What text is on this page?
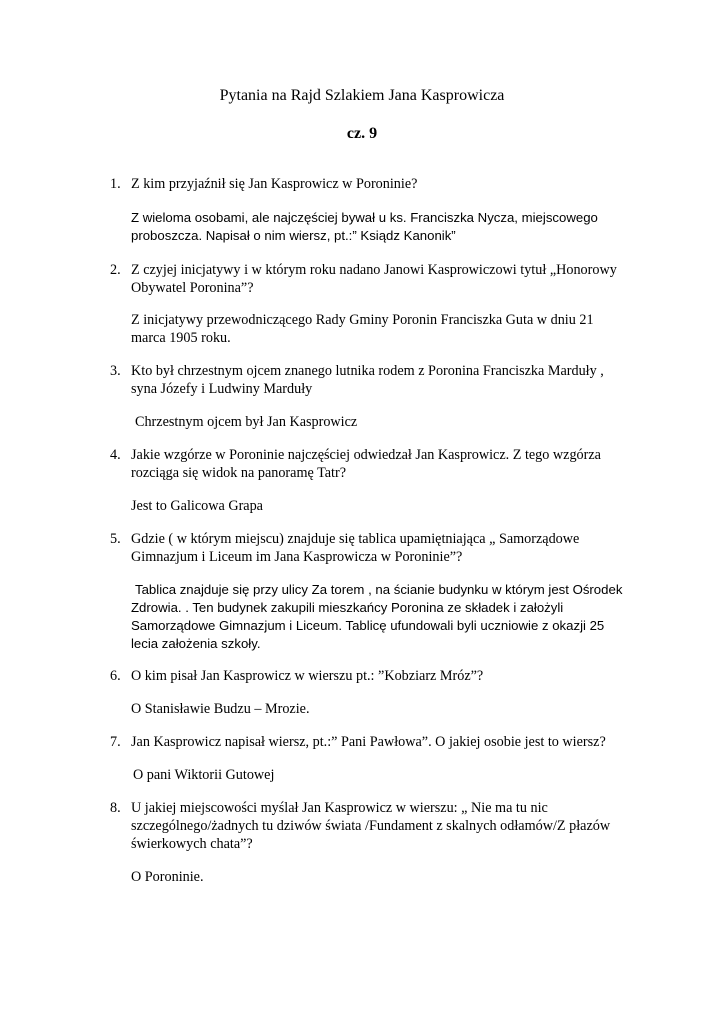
Pytania na Rajd Szlakiem Jana Kasprowicza
cz. 9
1. Z kim przyjaźnił się Jan Kasprowicz w Poroninie?
Z wieloma osobami, ale najczęściej bywał u ks. Franciszka Nycza, miejscowego
proboszcza. Napisał o nim wiersz, pt.:” Ksiądz Kanonik”
2. Z czyjej inicjatywy i w którym roku nadano Janowi Kasprowiczowi tytuł „Honorowy
Obywatel Poronina”?
Z inicjatywy przewodniczącego Rady Gminy Poronin Franciszka Guta w dniu 21
marca 1905 roku.
3. Kto był chrzestnym ojcem znanego lutnika rodem z Poronina Franciszka Marduły ,
syna Józefy i Ludwiny Marduły
Chrzestnym ojcem był Jan Kasprowicz
4. Jakie wzgórze w Poroninie najczęściej odwiedzał Jan Kasprowicz. Z tego wzgórza
rozciąga się widok na panoramę Tatr?
Jest to Galicowa Grapa
5. Gdzie ( w którym miejscu) znajduje się tablica upamiętniająca „ Samorządowe
Gimnazjum i Liceum im Jana Kasprowicza w Poroninie”?
Tablica znajduje się przy ulicy Za torem , na ścianie budynku w którym jest Ośrodek
Zdrowia. . Ten budynek zakupili mieszkańcy Poronina ze składek i założyli
Samorządowe Gimnazjum i Liceum. Tablicę ufundowali byli uczniowie z okazji 25
lecia założenia szkoły.
6. O kim pisał Jan Kasprowicz w wierszu pt.: ”Kobziarz Mróz”?
O Stanisławie Budzu – Mrozie.
7. Jan Kasprowicz napisał wiersz, pt.:” Pani Pawłowa”. O jakiej osobie jest to wiersz?
O pani Wiktorii Gutowej
8. U jakiej miejscowości myślał Jan Kasprowicz w wierszu: „ Nie ma tu nic
szczególnego/żadnych tu dziwów świata /Fundament z skalnych odłamów/Z płazów
świerkowych chata”?
O Poroninie.
